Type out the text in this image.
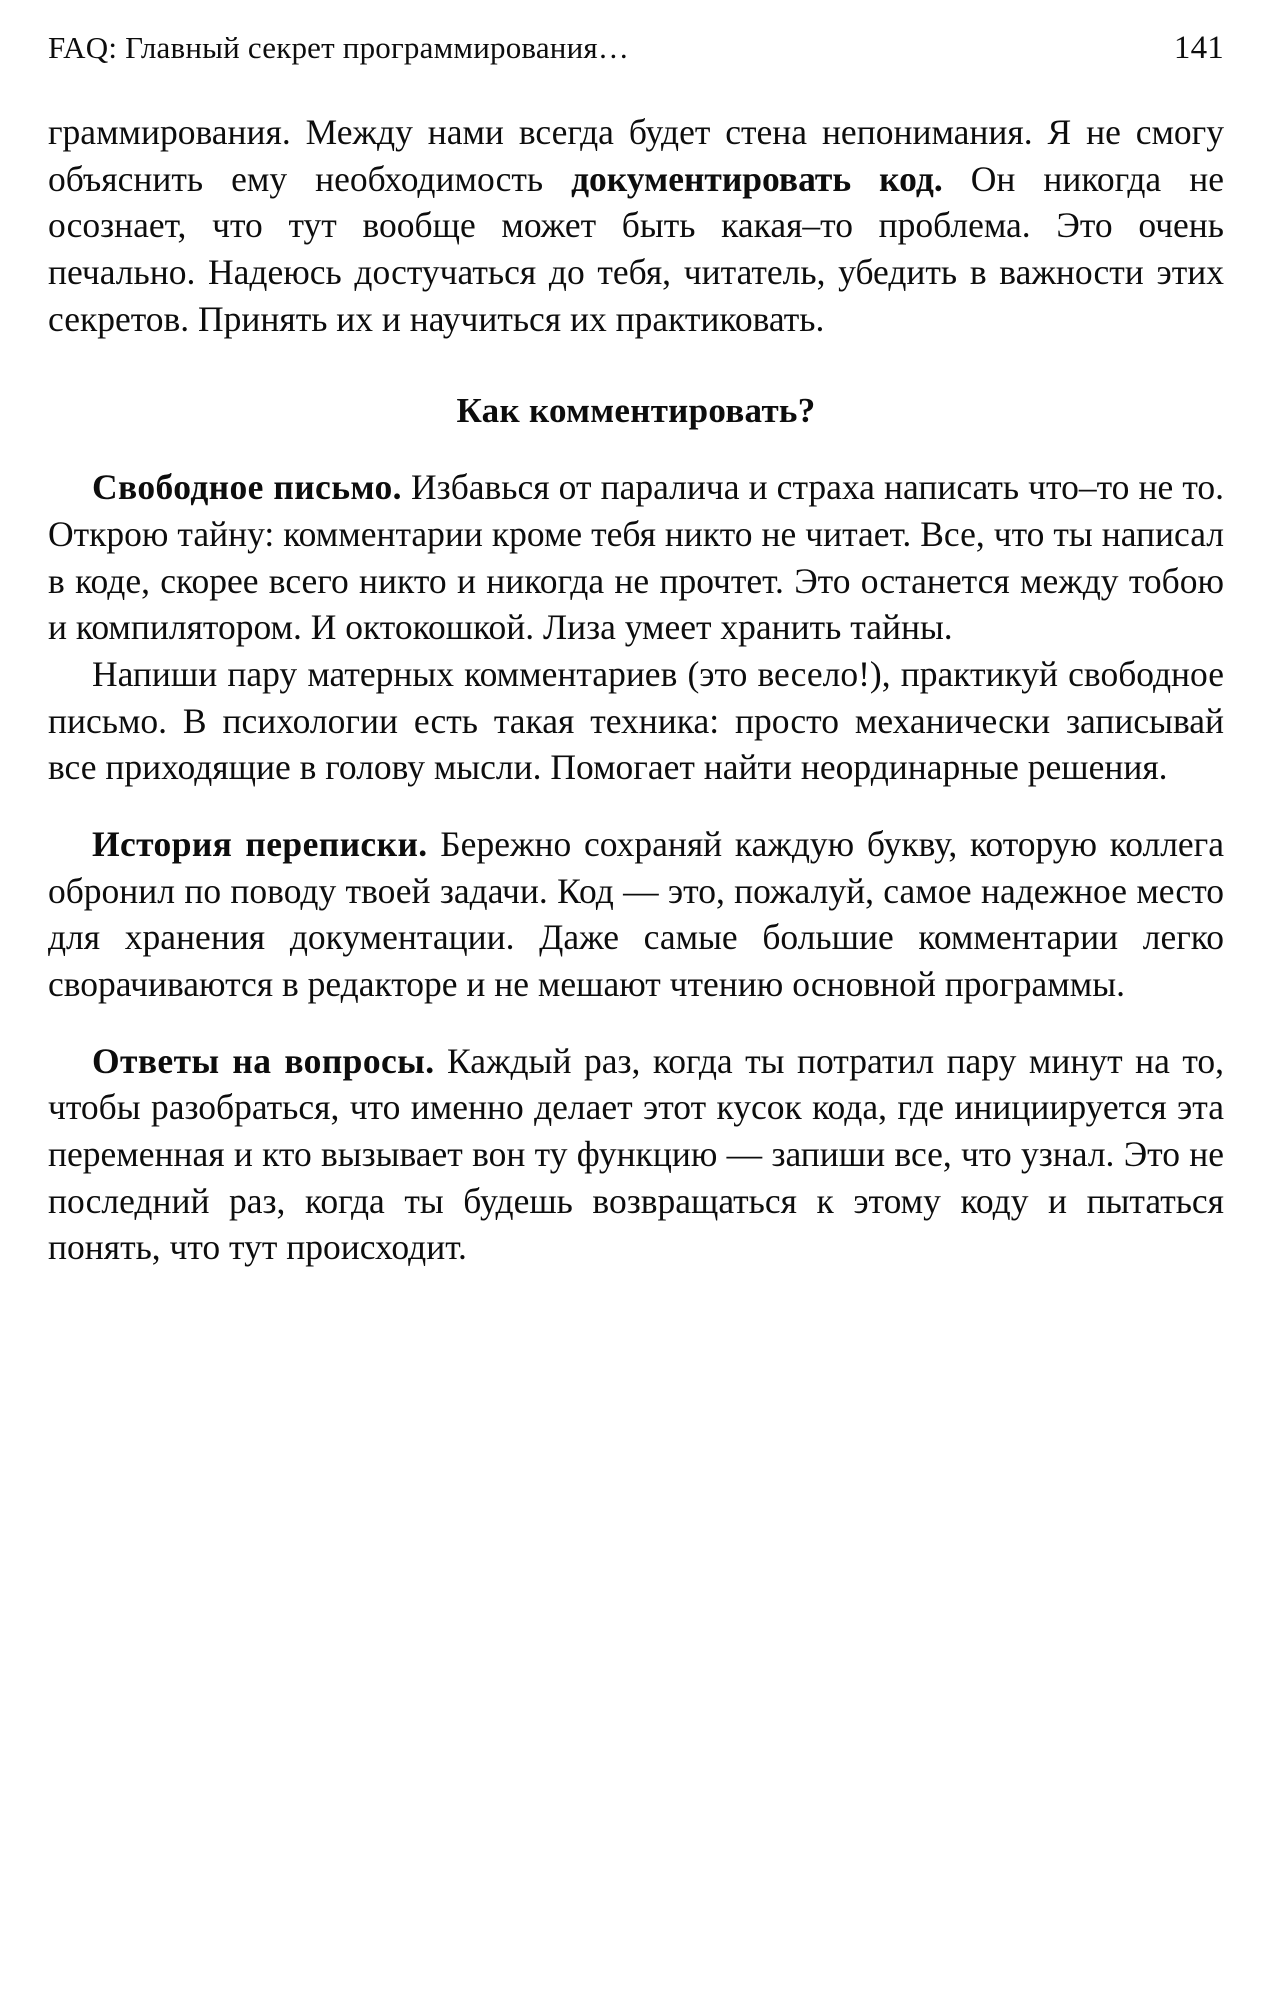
FAQ: Главный секрет программирования…	141

граммирования. Между нами всегда будет стена непонимания. Я не смогу объяснить ему необходимость документировать код. Он никогда не осознает, что тут вообще может быть какая–то проблема. Это очень печально. Надеюсь достучаться до тебя, читатель, убедить в важности этих секретов. Принять их и научиться их практиковать.

Как комментировать?

Свободное письмо. Избавься от паралича и страха написать что–то не то. Открою тайну: комментарии кроме тебя никто не читает. Все, что ты написал в коде, скорее всего никто и никогда не прочтет. Это останется между тобою и компилятором. И октокошкой. Лиза умеет хранить тайны.

Напиши пару матерных комментариев (это весело!), практикуй свободное письмо. В психологии есть такая техника: просто механически записывай все приходящие в голову мысли. Помогает найти неординарные решения.

История переписки. Бережно сохраняй каждую букву, которую коллега обронил по поводу твоей задачи. Код — это, пожалуй, самое надежное место для хранения документации. Даже самые большие комментарии легко сворачиваются в редакторе и не мешают чтению основной программы.

Ответы на вопросы. Каждый раз, когда ты потратил пару минут на то, чтобы разобраться, что именно делает этот кусок кода, где инициируется эта переменная и кто вызывает вон ту функцию — запиши все, что узнал. Это не последний раз, когда ты будешь возвращаться к этому коду и пытаться понять, что тут происходит.
